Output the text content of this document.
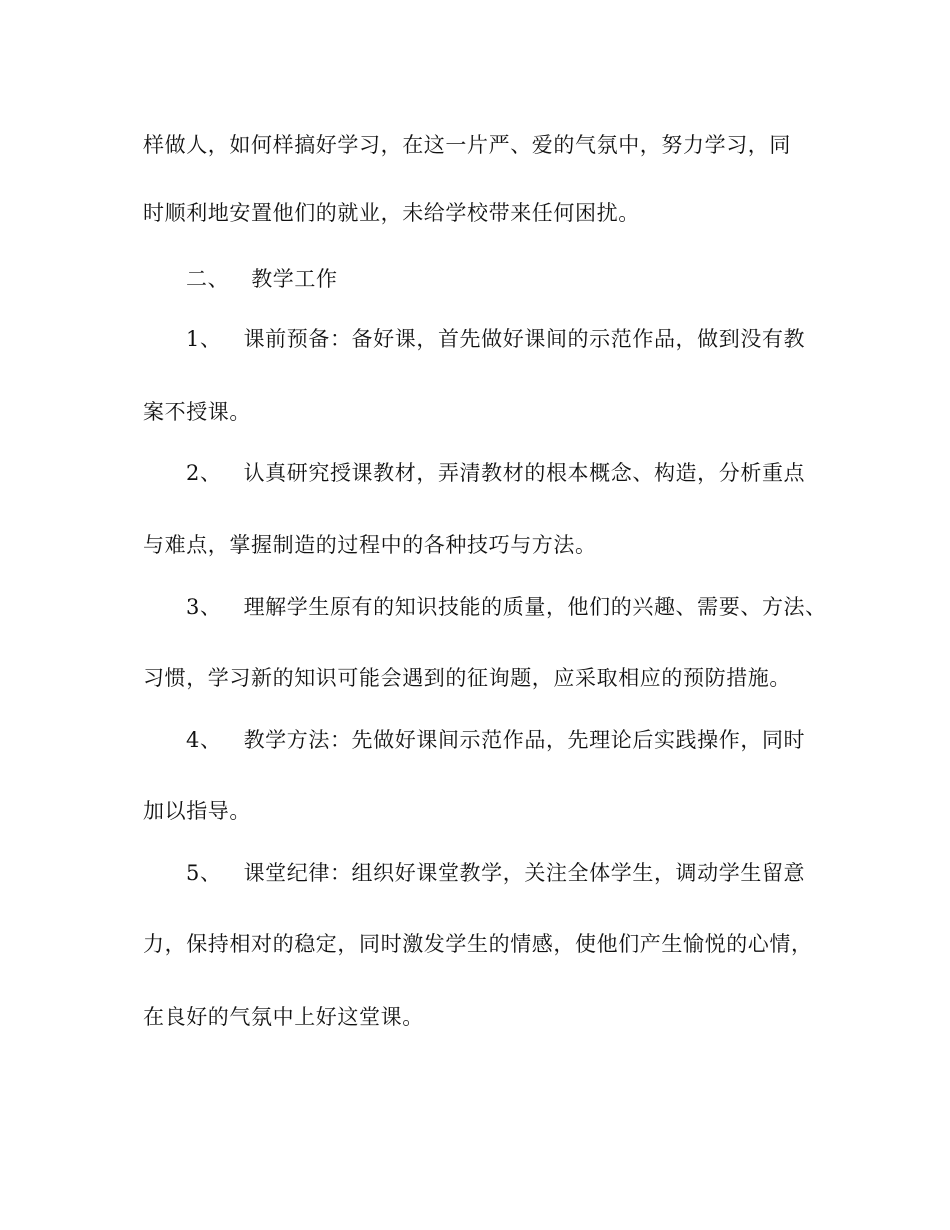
样做人，如何样搞好学习，在这一片严、爱的气氛中，努力学习，同
时顺利地安置他们的就业，未给学校带来任何困扰。
二、 教学工作
1、 课前预备：备好课，首先做好课间的示范作品，做到没有教
案不授课。
2、 认真研究授课教材，弄清教材的根本概念、构造，分析重点
与难点，掌握制造的过程中的各种技巧与方法。
3、 理解学生原有的知识技能的质量，他们的兴趣、需要、方法、
习惯，学习新的知识可能会遇到的征询题，应采取相应的预防措施。
4、 教学方法：先做好课间示范作品，先理论后实践操作，同时
加以指导。
5、 课堂纪律：组织好课堂教学，关注全体学生，调动学生留意
力，保持相对的稳定，同时激发学生的情感，使他们产生愉悦的心情，
在良好的气氛中上好这堂课。
